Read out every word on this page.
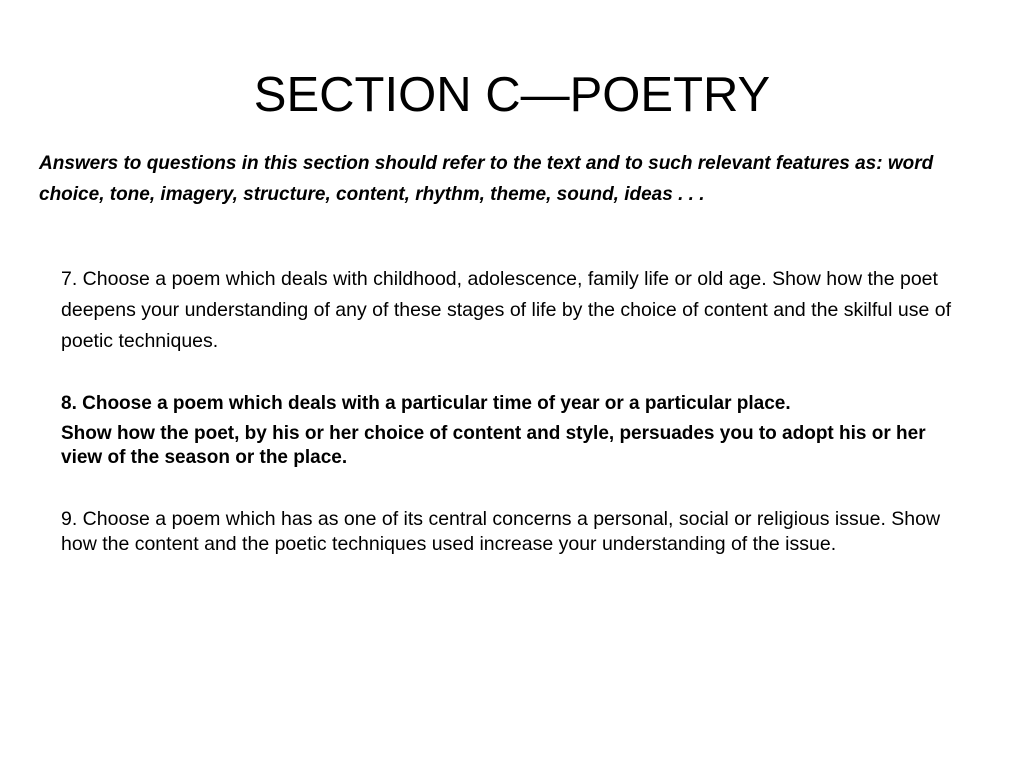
SECTION C—POETRY

Answers to questions in this section should refer to the text and to such relevant features as: word choice, tone, imagery, structure, content, rhythm, theme, sound, ideas . . .

7. Choose a poem which deals with childhood, adolescence, family life or old age. Show how the poet deepens your understanding of any of these stages of life by the choice of content and the skilful use of poetic techniques.

8. Choose a poem which deals with a particular time of year or a particular place.
Show how the poet, by his or her choice of content and style, persuades you to adopt his or her view of the season or the place.

9. Choose a poem which has as one of its central concerns a personal, social or religious issue. Show how the content and the poetic techniques used increase your understanding of the issue.
